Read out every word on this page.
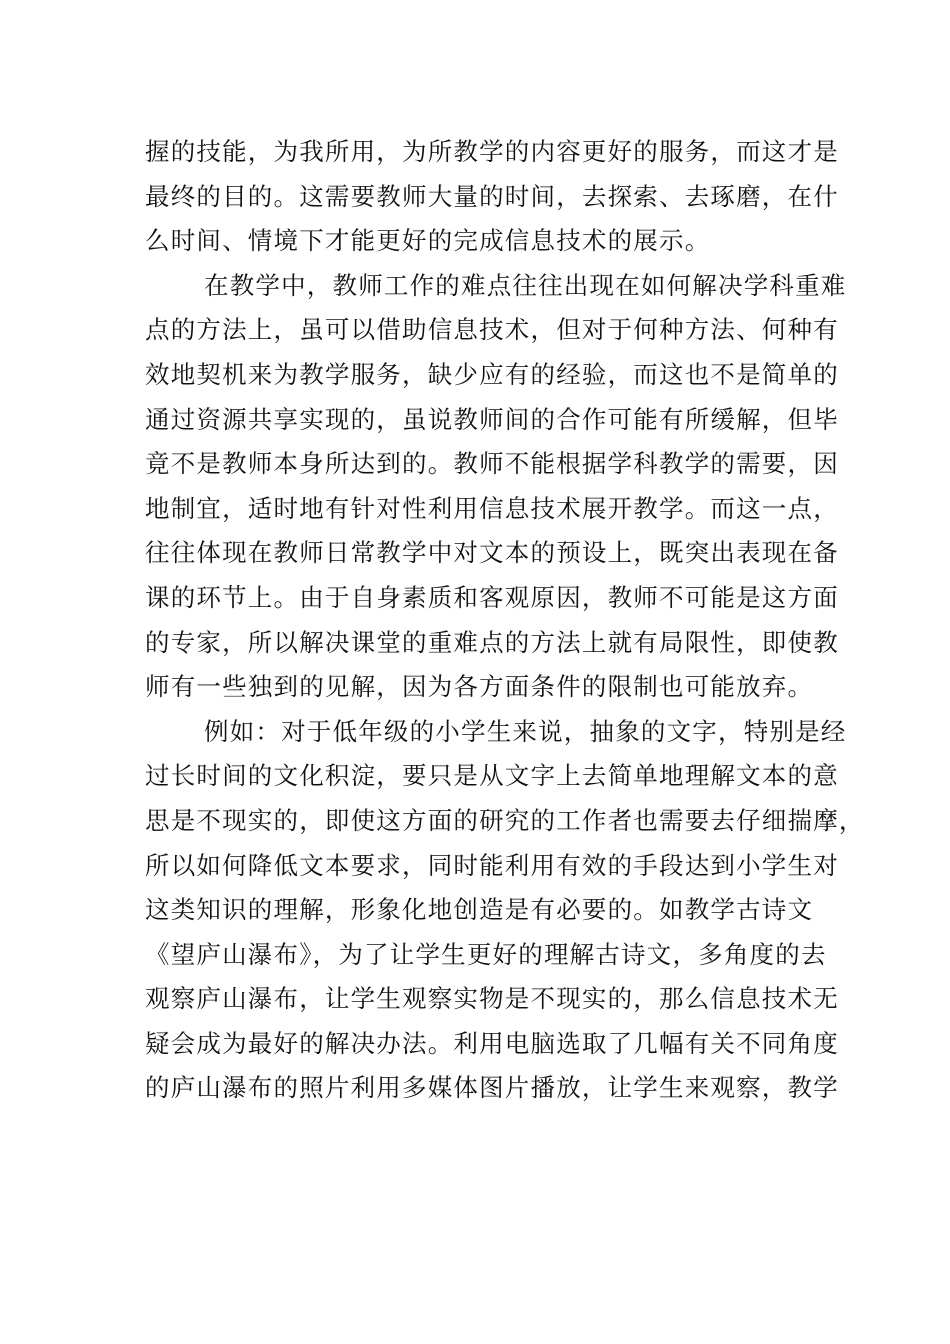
握的技能，为我所用，为所教学的内容更好的服务，而这才是

最终的目的。这需要教师大量的时间，去探索、去琢磨，在什

么时间、情境下才能更好的完成信息技术的展示。

在教学中，教师工作的难点往往出现在如何解决学科重难

点的方法上，虽可以借助信息技术，但对于何种方法、何种有

效地契机来为教学服务，缺少应有的经验，而这也不是简单的

通过资源共享实现的，虽说教师间的合作可能有所缓解，但毕

竟不是教师本身所达到的。教师不能根据学科教学的需要，因

地制宜，适时地有针对性利用信息技术展开教学。而这一点，

往往体现在教师日常教学中对文本的预设上，既突出表现在备

课的环节上。由于自身素质和客观原因，教师不可能是这方面

的专家，所以解决课堂的重难点的方法上就有局限性，即使教

师有一些独到的见解，因为各方面条件的限制也可能放弃。

例如：对于低年级的小学生来说，抽象的文字，特别是经

过长时间的文化积淀，要只是从文字上去简单地理解文本的意

思是不现实的，即使这方面的研究的工作者也需要去仔细揣摩，

所以如何降低文本要求，同时能利用有效的手段达到小学生对

这类知识的理解，形象化地创造是有必要的。如教学古诗文

《望庐山瀑布》，为了让学生更好的理解古诗文，多角度的去

观察庐山瀑布，让学生观察实物是不现实的，那么信息技术无

疑会成为最好的解决办法。利用电脑选取了几幅有关不同角度

的庐山瀑布的照片利用多媒体图片播放，让学生来观察，教学
